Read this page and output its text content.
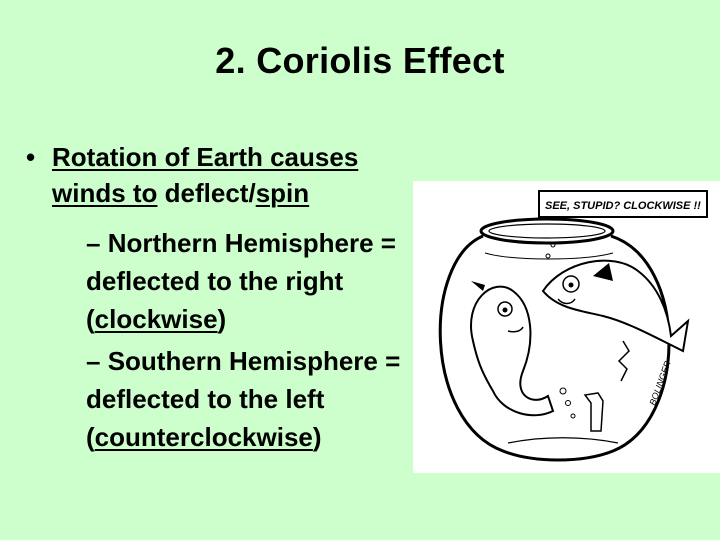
2. Coriolis Effect
• Rotation of Earth causes
winds to deflect/spin
– Northern Hemisphere =
deflected to the right
(clockwise)
– Southern Hemisphere =
deflected to the left
(counterclockwise)
SEE, STUPID? CLOCKWISE !!
BOLINGER
